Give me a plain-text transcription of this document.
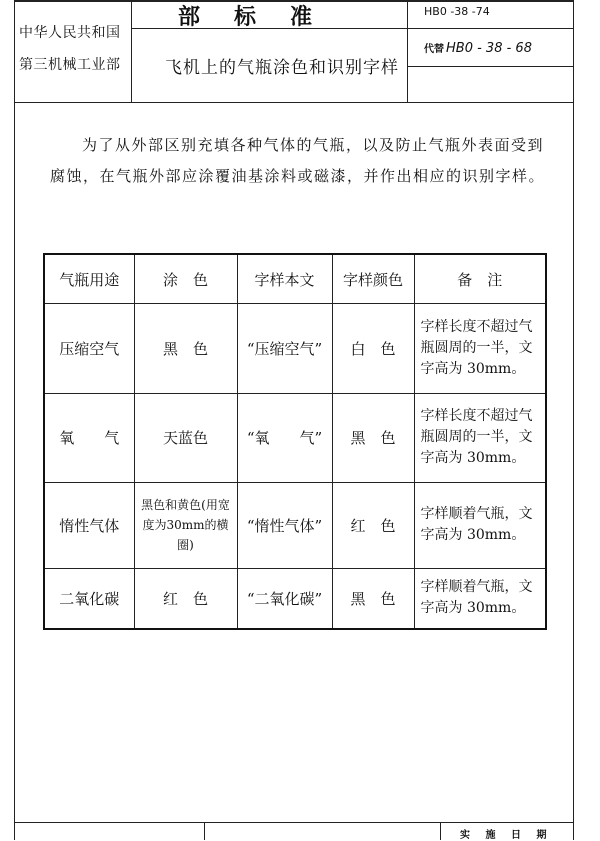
中华人民共和国
第三机械工业部
部　标　准
飞机上的气瓶涂色和识别字样
HB0 -38 -74
代替 HB0 - 38 - 68
为了从外部区别充填各种气体的气瓶，以及防止气瓶外表面受到腐蚀，在气瓶外部应涂覆油基涂料或磁漆，并作出相应的识别字样。
气瓶用途	涂　色	字样本文	字样颜色	备　注
压缩空气	黑　色	“压缩空气”	白　色	字样长度不超过气瓶圆周的一半，文字高为 30mm。
氧　　气	天蓝色	“氧　　气”	黑　色	字样长度不超过气瓶圆周的一半，文字高为 30mm。
惰性气体	黑色和黄色(用宽度为30mm的横圈)	“惰性气体”	红　色	字样顺着气瓶，文字高为 30mm。
二氧化碳	红　色	“二氧化碳”	黑　色	字样顺着气瓶，文字高为 30mm。
实 施 日 期
